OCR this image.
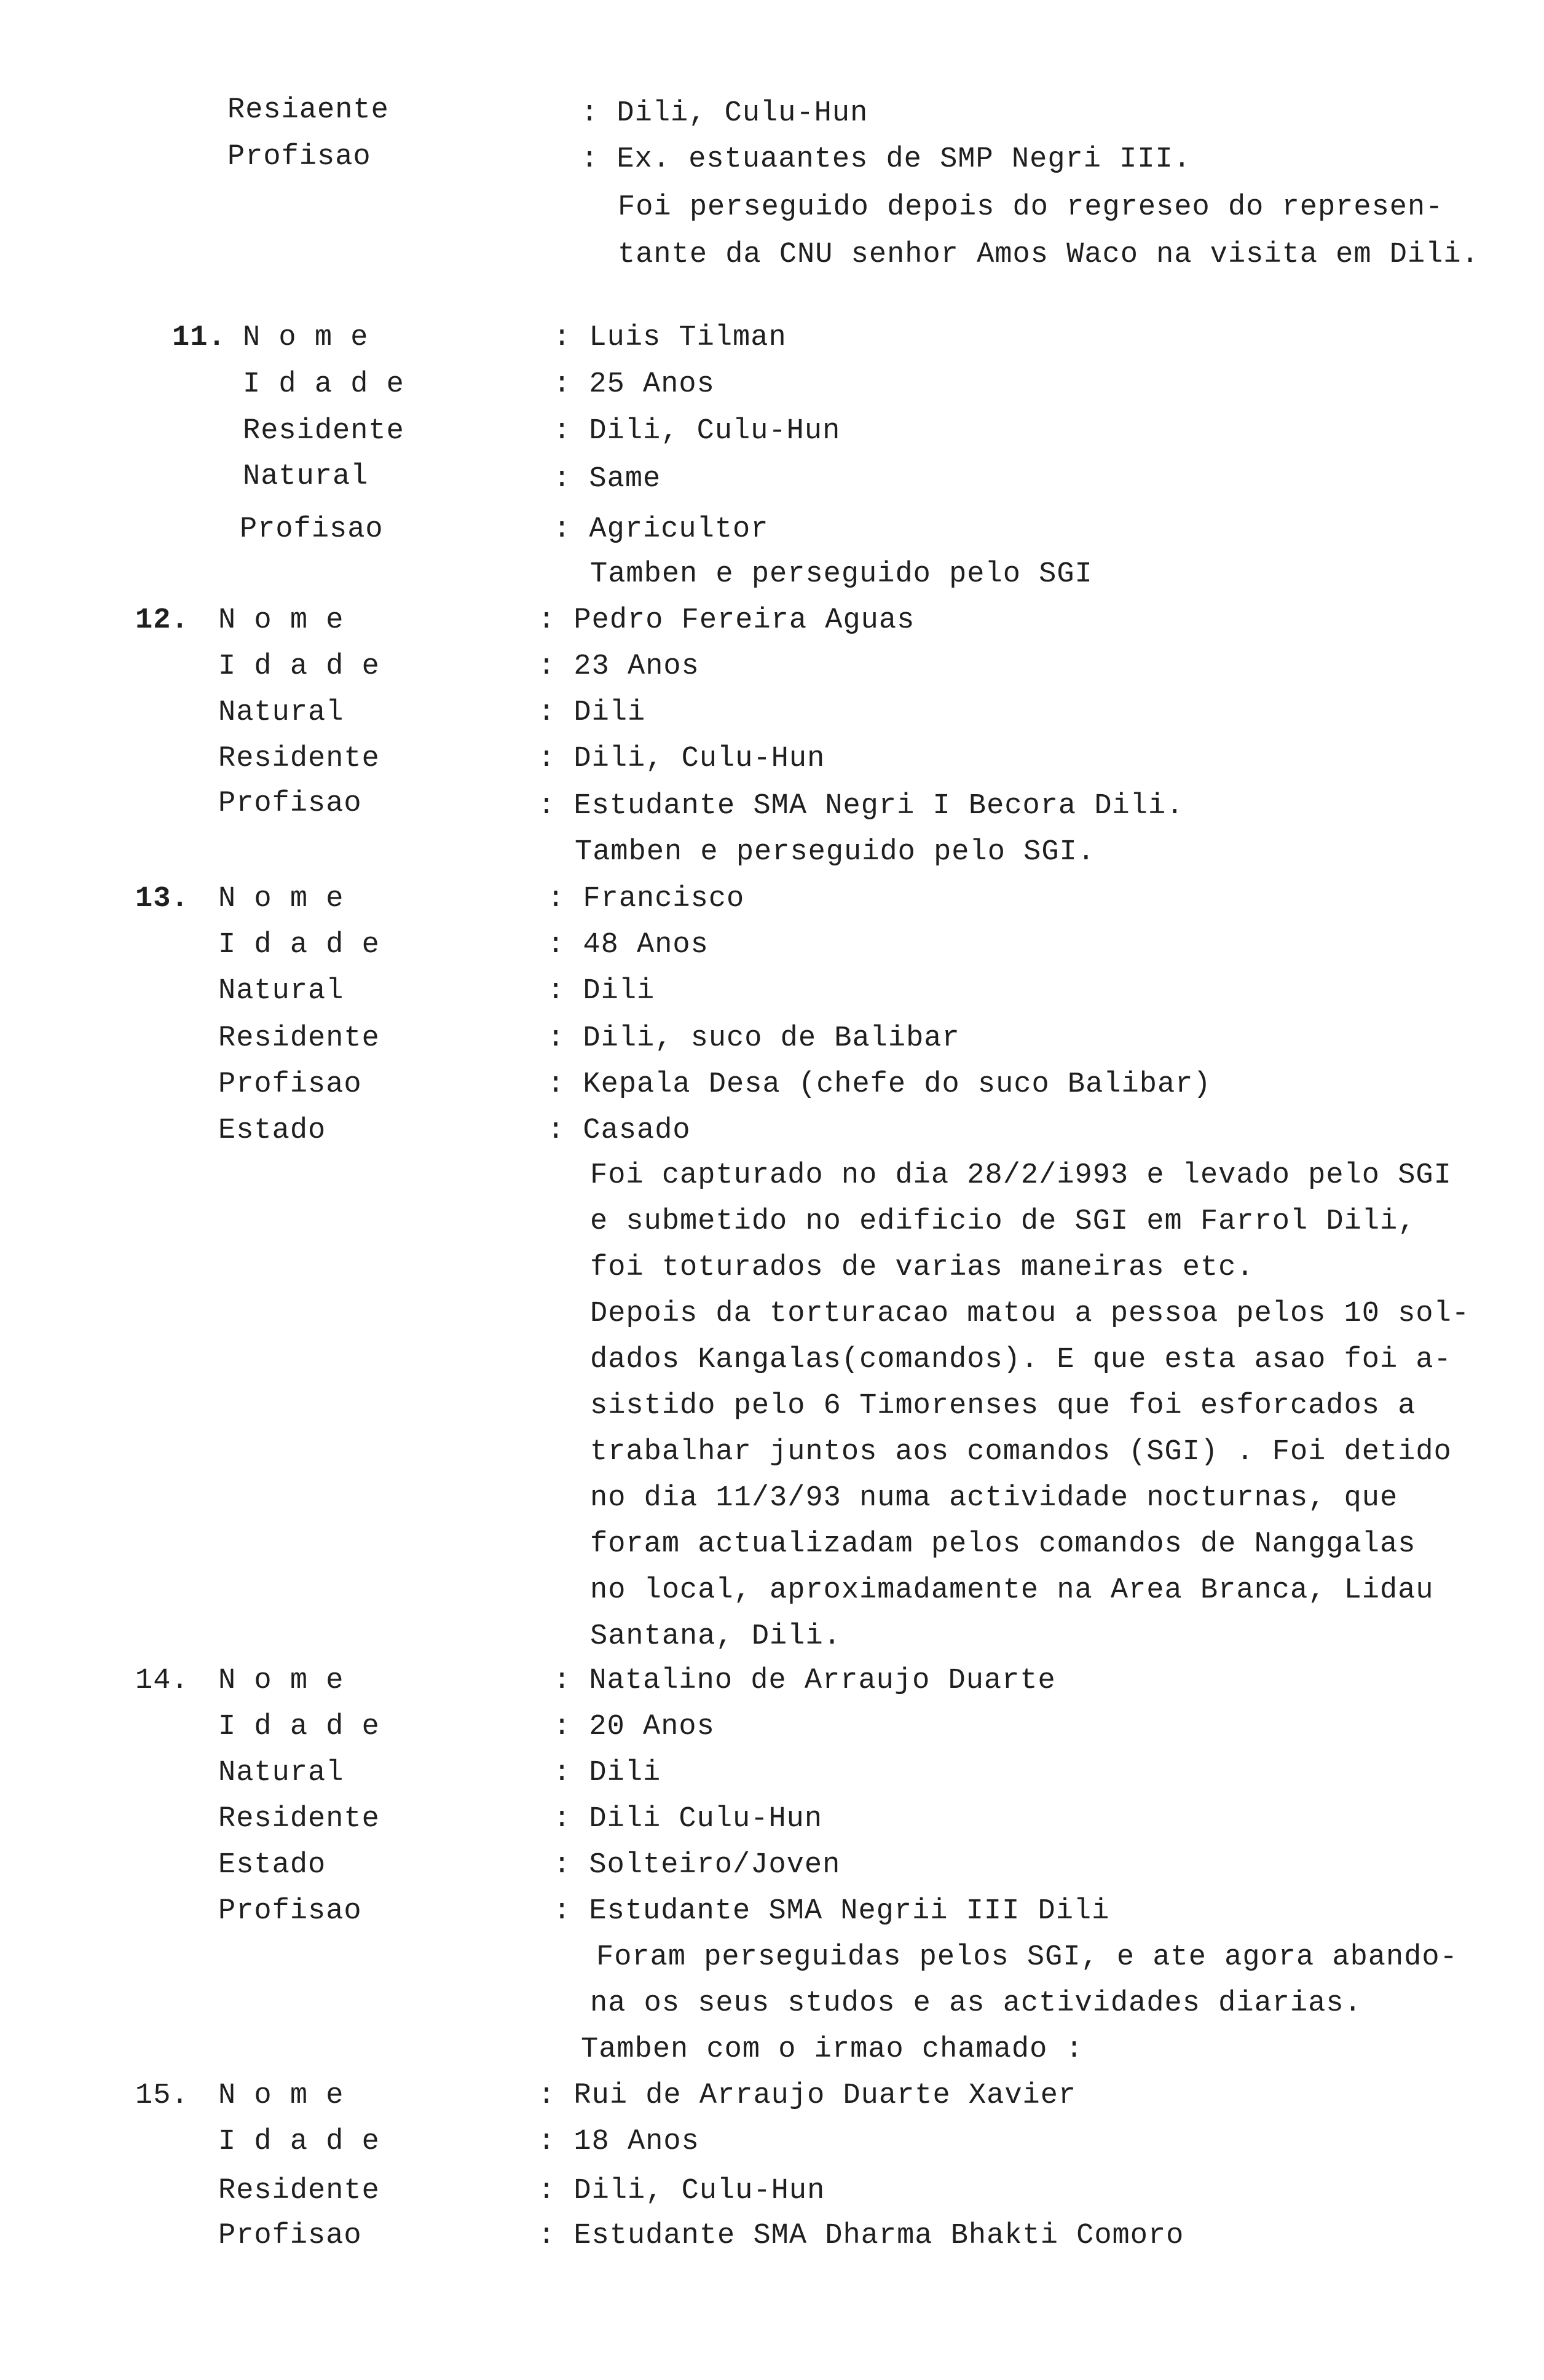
Resiaente	: Dili, Culu-Hun
Profisao	: Ex. estuaantes de SMP Negri III.
Foi perseguido depois do regreseo do represen-
tante da CNU senhor Amos Waco na visita em Dili.
11. N o m e	: Luis Tilman
I d a d e	: 25 Anos
Residente	: Dili, Culu-Hun
Natural	: Same
Profisao	: Agricultor
Tamben e perseguido pelo SGI
12. N o m e	: Pedro Fereira Aguas
I d a d e	: 23 Anos
Natural	: Dili
Residente	: Dili, Culu-Hun
Profisao	: Estudante SMA Negri I Becora Dili.
Tamben e perseguido pelo SGI.
13. N o m e	: Francisco
I d a d e	: 48 Anos
Natural	: Dili
Residente	: Dili, suco de Balibar
Profisao	: Kepala Desa (chefe do suco Balibar)
Estado	: Casado
Foi capturado no dia 28/2/i993 e levado pelo SGI
e submetido no edificio de SGI em Farrol Dili,
foi toturados de varias maneiras etc.
Depois da torturacao matou a pessoa pelos 10 sol-
dados Kangalas(comandos). E que esta asao foi a-
sistido pelo 6 Timorenses que foi esforcados a
trabalhar juntos aos comandos (SGI) . Foi detido
no dia 11/3/93 numa actividade nocturnas, que
foram actualizadam pelos comandos de Nanggalas
no local, aproximadamente na Area Branca, Lidau
Santana, Dili.
14. N o m e	: Natalino de Arraujo Duarte
I d a d e	: 20 Anos
Natural	: Dili
Residente	: Dili Culu-Hun
Estado	: Solteiro/Joven
Profisao	: Estudante SMA Negrii III Dili
Foram perseguidas pelos SGI, e ate agora abando-
na os seus studos e as actividades diarias.
Tamben com o irmao chamado :
15. N o m e	: Rui de Arraujo Duarte Xavier
I d a d e	: 18 Anos
Residente	: Dili, Culu-Hun
Profisao	: Estudante SMA Dharma Bhakti Comoro
